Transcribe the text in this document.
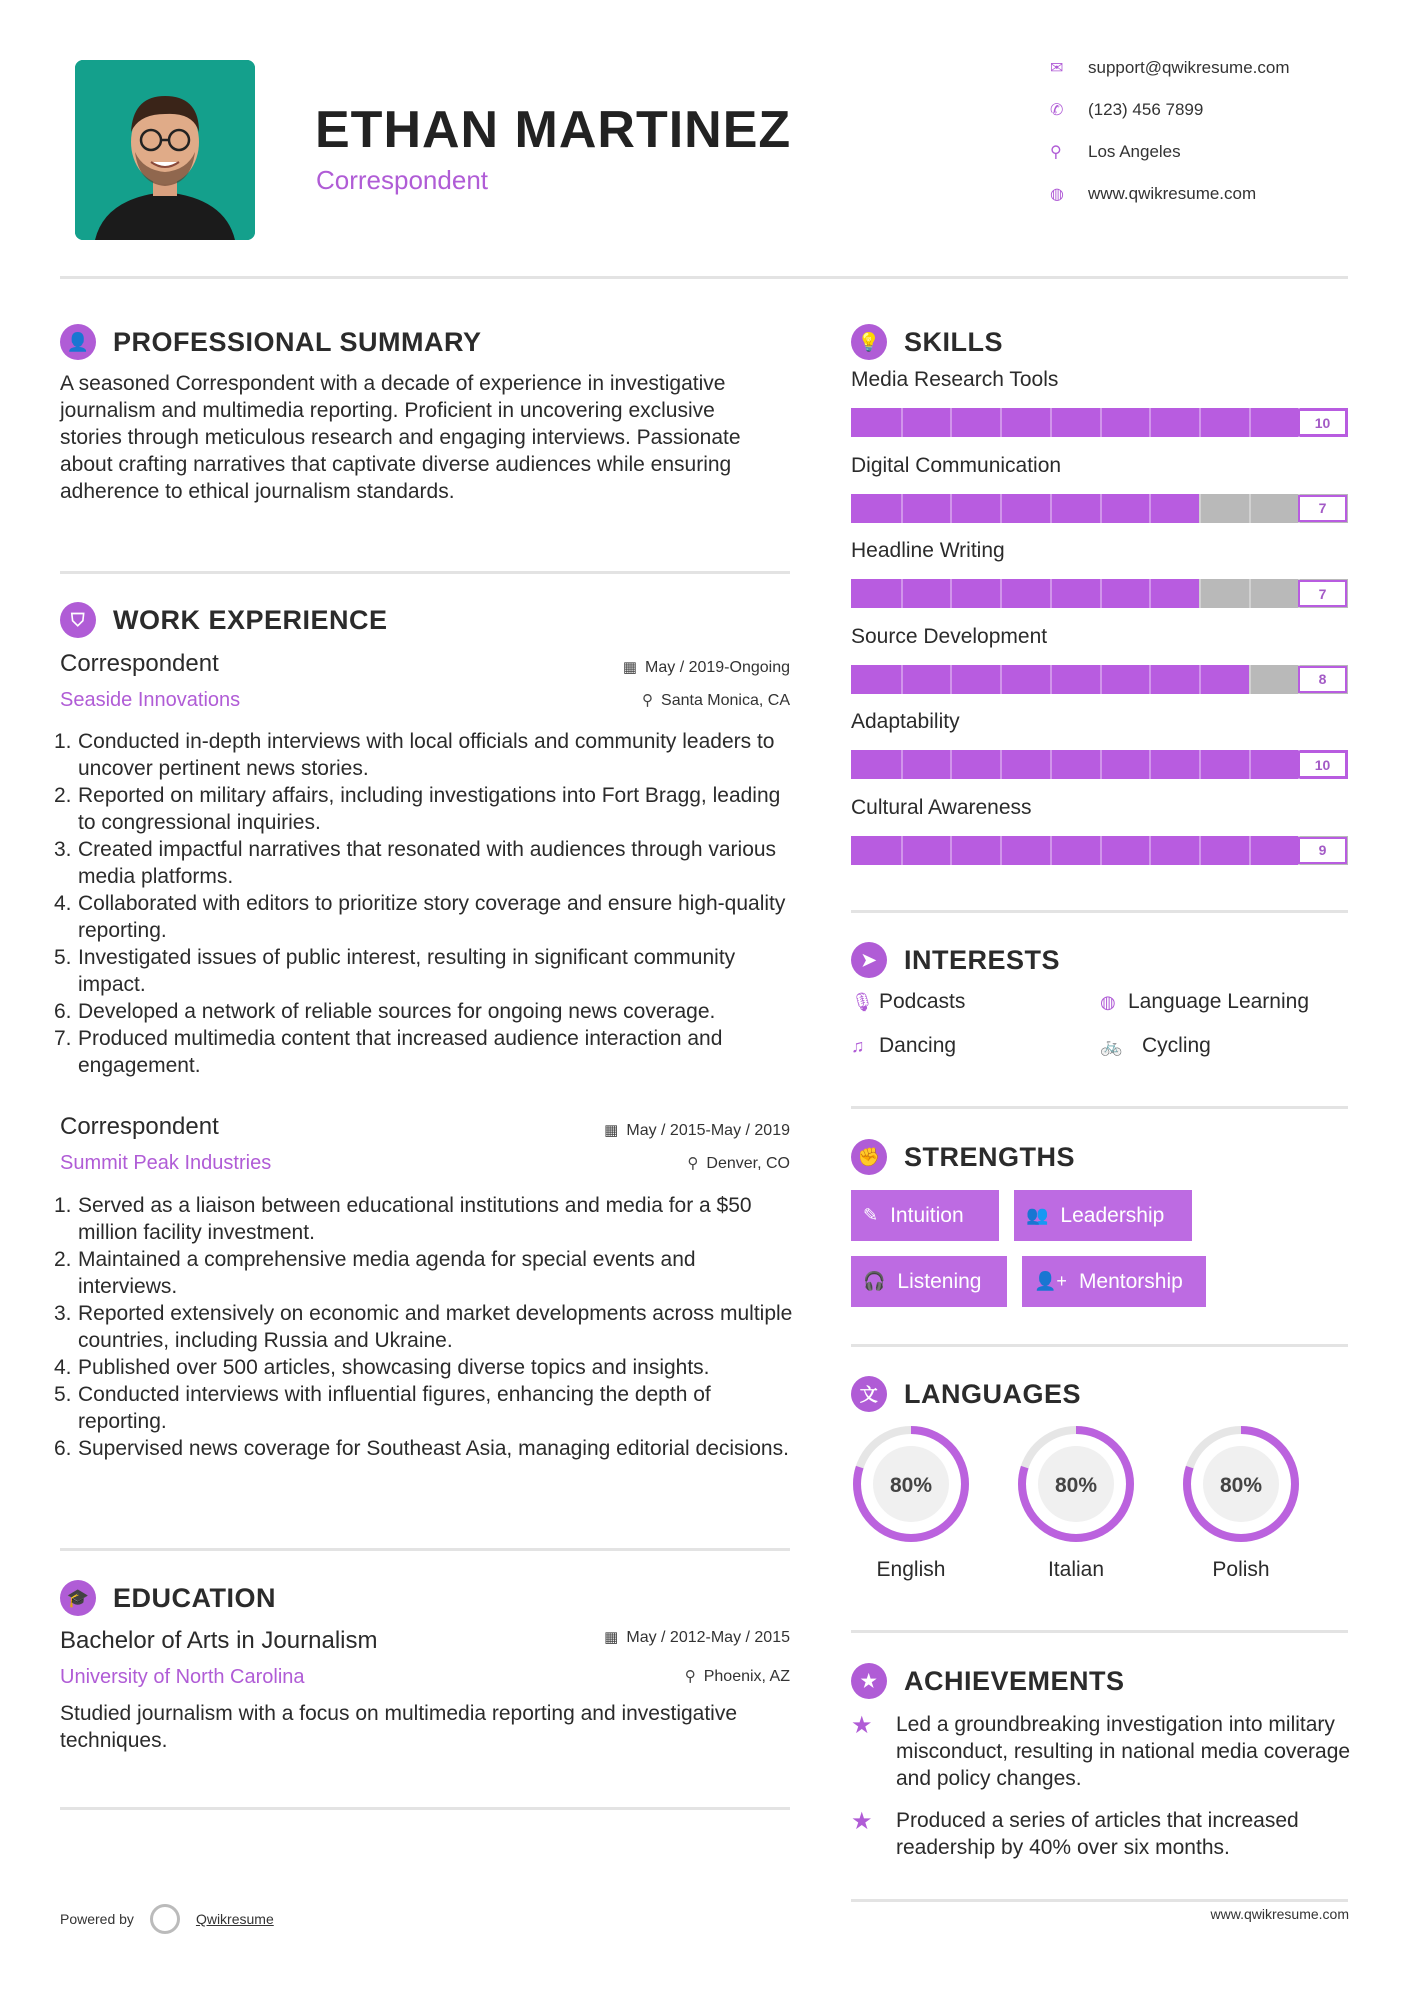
ETHAN MARTINEZ
Correspondent
✉	support@qwikresume.com
✆	(123) 456 7899
⚲	Los Angeles
◍	www.qwikresume.com
👤 PROFESSIONAL SUMMARY
A seasoned Correspondent with a decade of experience in investigative journalism and multimedia reporting. Proficient in uncovering exclusive stories through meticulous research and engaging interviews. Passionate about crafting narratives that captivate diverse audiences while ensuring adherence to ethical journalism standards.
⛉	WORK EXPERIENCE
Correspondent
Seaside Innovations
▦ May / 2019-Ongoing
⚲ Santa Monica, CA
1. Conducted in-depth interviews with local officials and community leaders to uncover pertinent news stories.
2. Reported on military affairs, including investigations into Fort Bragg, leading to congressional inquiries.
3. Created impactful narratives that resonated with audiences through various media platforms.
4. Collaborated with editors to prioritize story coverage and ensure high-quality reporting.
5. Investigated issues of public interest, resulting in significant community impact.
6. Developed a network of reliable sources for ongoing news coverage.
7. Produced multimedia content that increased audience interaction and engagement.
Correspondent
Summit Peak Industries
▦ May / 2015-May / 2019
⚲ Denver, CO
1. Served as a liaison between educational institutions and media for a $50 million facility investment.
2. Maintained a comprehensive media agenda for special events and interviews.
3. Reported extensively on economic and market developments across multiple countries, including Russia and Ukraine.
4. Published over 500 articles, showcasing diverse topics and insights.
5. Conducted interviews with influential figures, enhancing the depth of reporting.
6. Supervised news coverage for Southeast Asia, managing editorial decisions.
🎓 EDUCATION
Bachelor of Arts in Journalism
University of North Carolina
▦ May / 2012-May / 2015
⚲ Phoenix, AZ
Studied journalism with a focus on multimedia reporting and investigative techniques.
💡 SKILLS
Media Research Tools
10
Digital Communication
7
Headline Writing
7
Source Development
8
Adaptability
10
Cultural Awareness
9
➤	INTERESTS
🎙 Podcasts	◍ Language Learning
♫ Dancing	🚲 Cycling
✊ STRENGTHS
✎ Intuition	👥 Leadership
🎧 Listening	👤+ Mentorship
文 LANGUAGES
80%
English
80%
Italian
80%
Polish
★ ACHIEVEMENTS
★	Led a groundbreaking investigation into military misconduct, resulting in national media coverage and policy changes.
★	Produced a series of articles that increased readership by 40% over six months.
Powered by	Qwikresume	www.qwikresume.com
